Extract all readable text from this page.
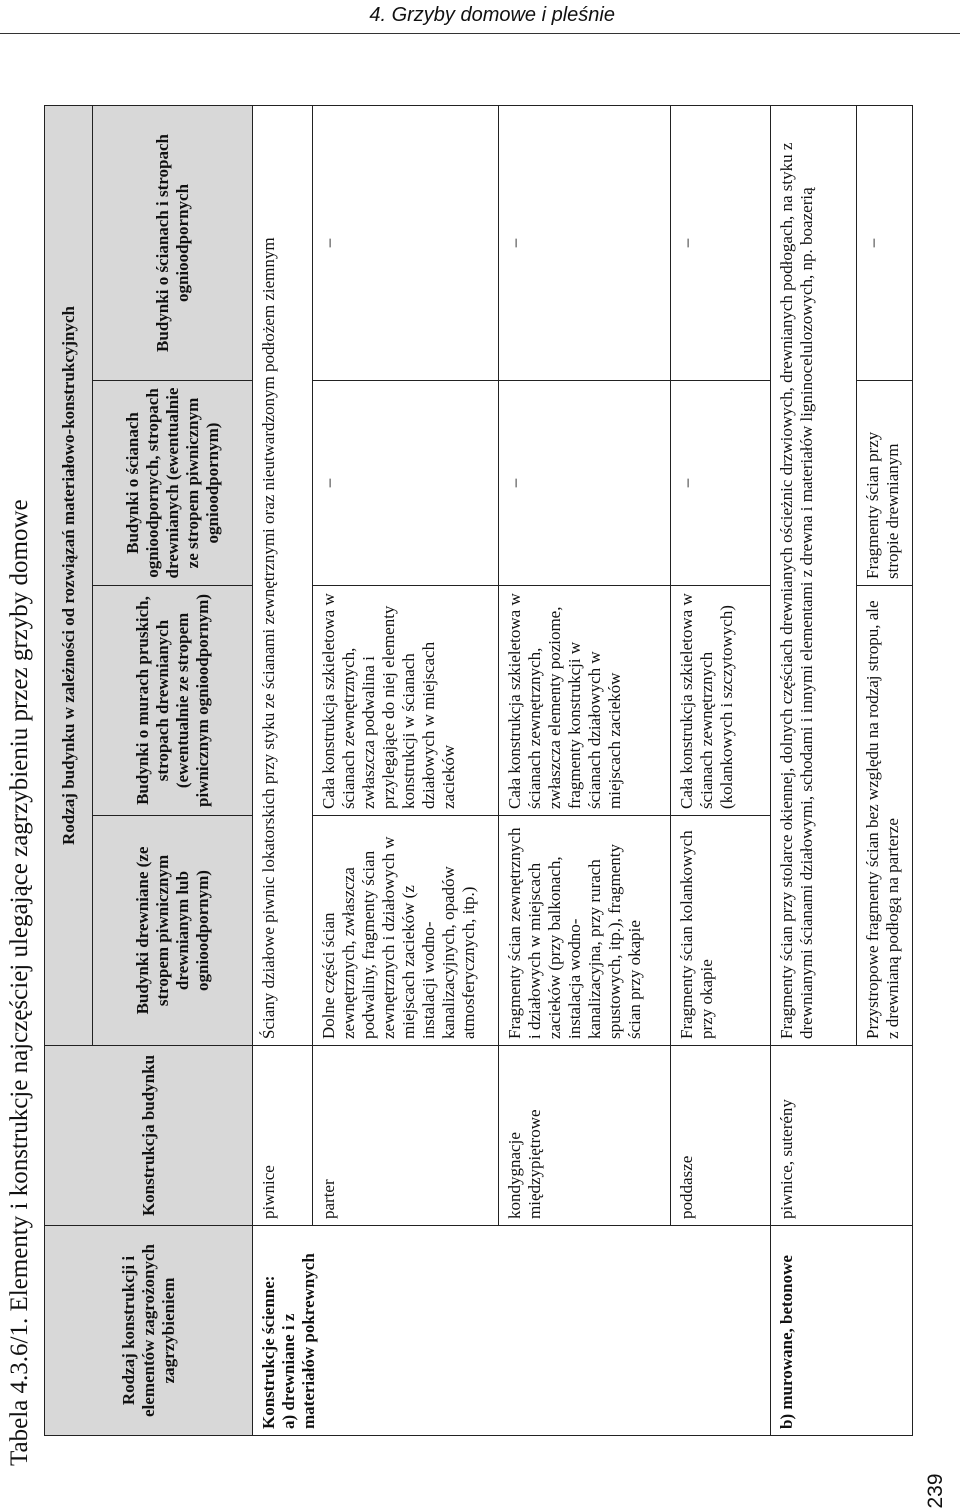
4. Grzyby domowe i pleśnie
Tabela 4.3.6/1. Elementy i konstrukcje najczęściej ulegające zagrzybieniu przez grzyby domowe	Rodzaj konstrukcji i elementów zagrożonych zagrzybieniem	Konstrukcja budynku	Rodzaj budynku w zależności od rozwiązań materiałowo-konstrukcyjnych			
		Budynki drewniane (ze stropem piwnicznym drewnianym lub ognioodpornym)	Budynki o murach pruskich, stropach drewnianych (ewentualnie ze stropem piwnicznym ognioodpornym)	Budynki o ścianach ognioodpornych, stropach drewnianych (ewentualnie ze stropem piwnicznym ognioodpornym)	Budynki o ścianach i stropach ognioodpornych

Konstrukcje ścienne: a) drewniane i z materiałów pokrewnych	piwnice	Ściany działowe piwnic lokatorskich przy styku ze ścianami zewnętrznymi oraz nieutwardzonym podłożem ziemnym			
	parter	Dolne części ścian zewnętrznych, zwłaszcza podwaliny, fragmenty ścian zewnętrznych i działowych w miejscach zacieków (z instalacji wodno-kanalizacyjnych, opadów atmosferycznych, itp.)	Cała konstrukcja szkieletowa w ścianach zewnętrznych, zwłaszcza podwalina i przylegające do niej elementy konstrukcji w ścianach działowych w miejscach zacieków	–	–
	kondygnacje międzypiętrowe	Fragmenty ścian zewnętrznych i działowych w miejscach zacieków (przy balkonach, instalacja wodno-kanalizacyjna, przy rurach spustowych, itp.), fragmenty ścian przy okapie	Cała konstrukcja szkieletowa w ścianach zewnętrznych, zwłaszcza elementy poziome, fragmenty konstrukcji w ścianach działowych w miejscach zacieków	–	–
	poddasze	Fragmenty ścian kolankowych przy okapie	Cała konstrukcja szkieletowa w ścianach zewnętrznych (kolankowych i szczytowych)	–	–

b) murowane, betonowe	piwnice, suterény	Fragmenty ścian przy stolarce okiennej, dolnych częściach drewnianych ościeżnic drzwiowych, drewnianych podłogach, na styku z drewnianymi ścianami działowymi, schodami i innymi elementami z drewna i materiałów ligninocelulozowych, np. boazerią			
		Przystropowe fragmenty ścian bez względu na rodzaj stropu, ale z drewnianą podłogą na parterze		Fragmenty ścian przy stropie drewnianym	–
239
